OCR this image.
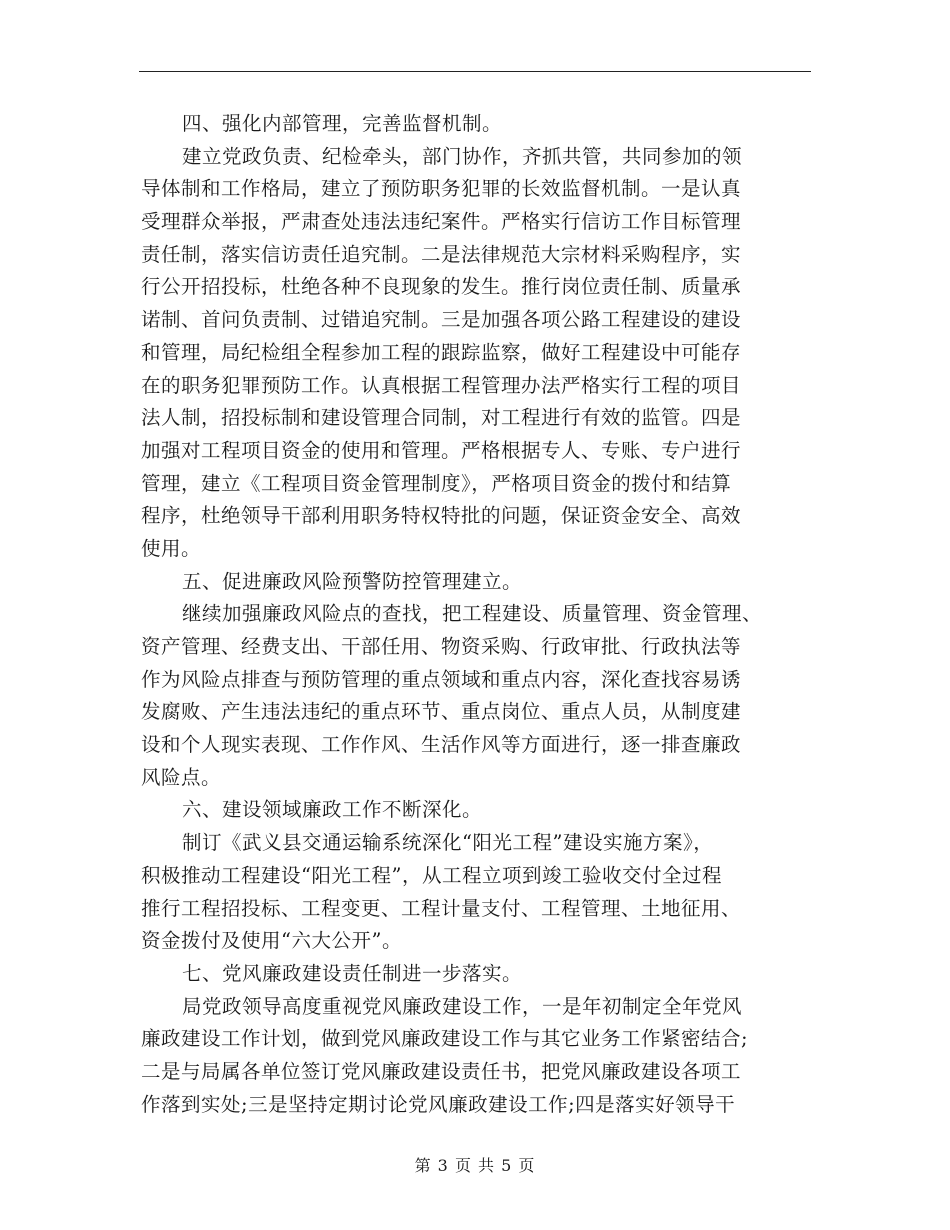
四、强化内部管理，完善监督机制。
建立党政负责、纪检牵头，部门协作，齐抓共管，共同参加的领
导体制和工作格局，建立了预防职务犯罪的长效监督机制。一是认真
受理群众举报，严肃查处违法违纪案件。严格实行信访工作目标管理
责任制，落实信访责任追究制。二是法律规范大宗材料采购程序，实
行公开招投标，杜绝各种不良现象的发生。推行岗位责任制、质量承
诺制、首问负责制、过错追究制。三是加强各项公路工程建设的建设
和管理，局纪检组全程参加工程的跟踪监察，做好工程建设中可能存
在的职务犯罪预防工作。认真根据工程管理办法严格实行工程的项目
法人制，招投标制和建设管理合同制，对工程进行有效的监管。四是
加强对工程项目资金的使用和管理。严格根据专人、专账、专户进行
管理，建立《工程项目资金管理制度》，严格项目资金的拨付和结算
程序，杜绝领导干部利用职务特权特批的问题，保证资金安全、高效
使用。
五、促进廉政风险预警防控管理建立。
继续加强廉政风险点的查找，把工程建设、质量管理、资金管理、
资产管理、经费支出、干部任用、物资采购、行政审批、行政执法等
作为风险点排查与预防管理的重点领域和重点内容，深化查找容易诱
发腐败、产生违法违纪的重点环节、重点岗位、重点人员，从制度建
设和个人现实表现、工作作风、生活作风等方面进行，逐一排查廉政
风险点。
六、建设领域廉政工作不断深化。
制订《武义县交通运输系统深化“阳光工程”建设实施方案》，
积极推动工程建设“阳光工程”，从工程立项到竣工验收交付全过程
推行工程招投标、工程变更、工程计量支付、工程管理、土地征用、
资金拨付及使用“六大公开”。
七、党风廉政建设责任制进一步落实。
局党政领导高度重视党风廉政建设工作，一是年初制定全年党风
廉政建设工作计划，做到党风廉政建设工作与其它业务工作紧密结合;
二是与局属各单位签订党风廉政建设责任书，把党风廉政建设各项工
作落到实处;三是坚持定期讨论党风廉政建设工作;四是落实好领导干
第 3 页 共 5 页
